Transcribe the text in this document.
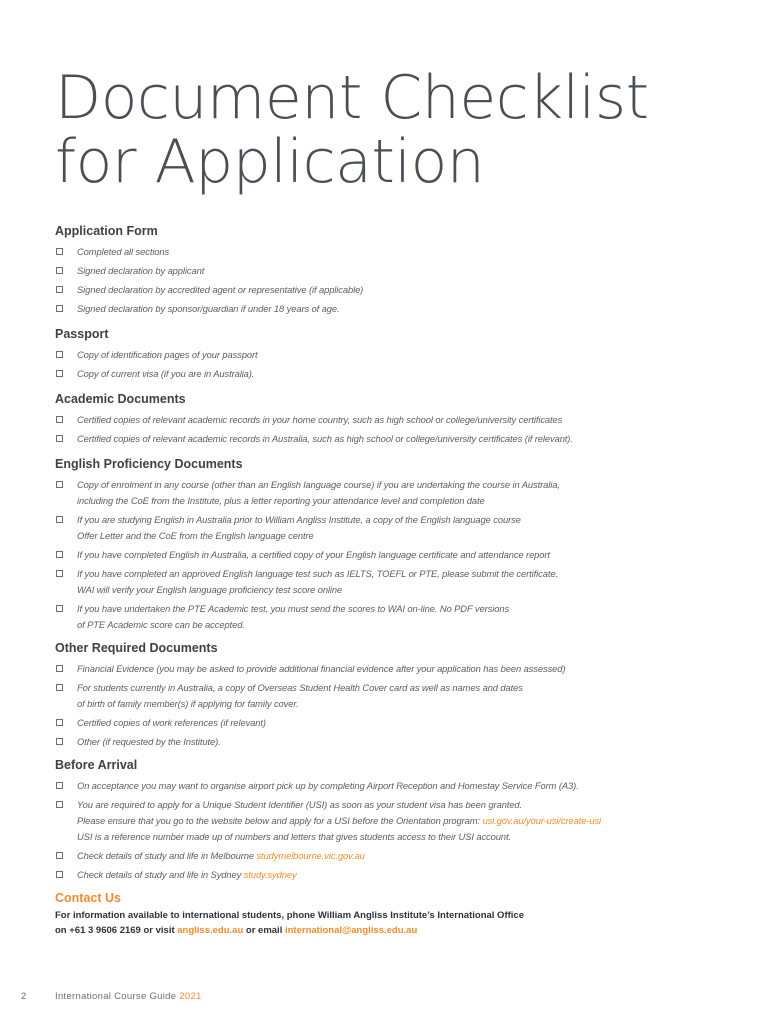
Document Checklist
for Application
Application Form
Completed all sections
Signed declaration by applicant
Signed declaration by accredited agent or representative (if applicable)
Signed declaration by sponsor/guardian if under 18 years of age.
Passport
Copy of identification pages of your passport
Copy of current visa (if you are in Australia).
Academic Documents
Certified copies of relevant academic records in your home country, such as high school or college/university certificates
Certified copies of relevant academic records in Australia, such as high school or college/university certificates (if relevant).
English Proficiency Documents
Copy of enrolment in any course (other than an English language course) if you are undertaking the course in Australia,
including the CoE from the Institute, plus a letter reporting your attendance level and completion date
If you are studying English in Australia prior to William Angliss Institute, a copy of the English language course
Offer Letter and the CoE from the English language centre
If you have completed English in Australia, a certified copy of your English language certificate and attendance report
If you have completed an approved English language test such as IELTS, TOEFL or PTE, please submit the certificate.
WAI will verify your English language proficiency test score online
If you have undertaken the PTE Academic test, you must send the scores to WAI on-line. No PDF versions
of PTE Academic score can be accepted.
Other Required Documents
Financial Evidence (you may be asked to provide additional financial evidence after your application has been assessed)
For students currently in Australia, a copy of Overseas Student Health Cover card as well as names and dates
of birth of family member(s) if applying for family cover.
Certified copies of work references (if relevant)
Other (if requested by the Institute).
Before Arrival
On acceptance you may want to organise airport pick up by completing Airport Reception and Homestay Service Form (A3).
You are required to apply for a Unique Student Identifier (USI) as soon as your student visa has been granted.
Please ensure that you go to the website below and apply for a USI before the Orientation program: usi.gov.au/your-usi/create-usi
USI is a reference number made up of numbers and letters that gives students access to their USI account.
Check details of study and life in Melbourne studymelbourne.vic.gov.au
Check details of study and life in Sydney study.sydney
Contact Us
For information available to international students, phone William Angliss Institute’s International Office
on +61 3 9606 2169 or visit angliss.edu.au or email international@angliss.edu.au
2	International Course Guide 2021
